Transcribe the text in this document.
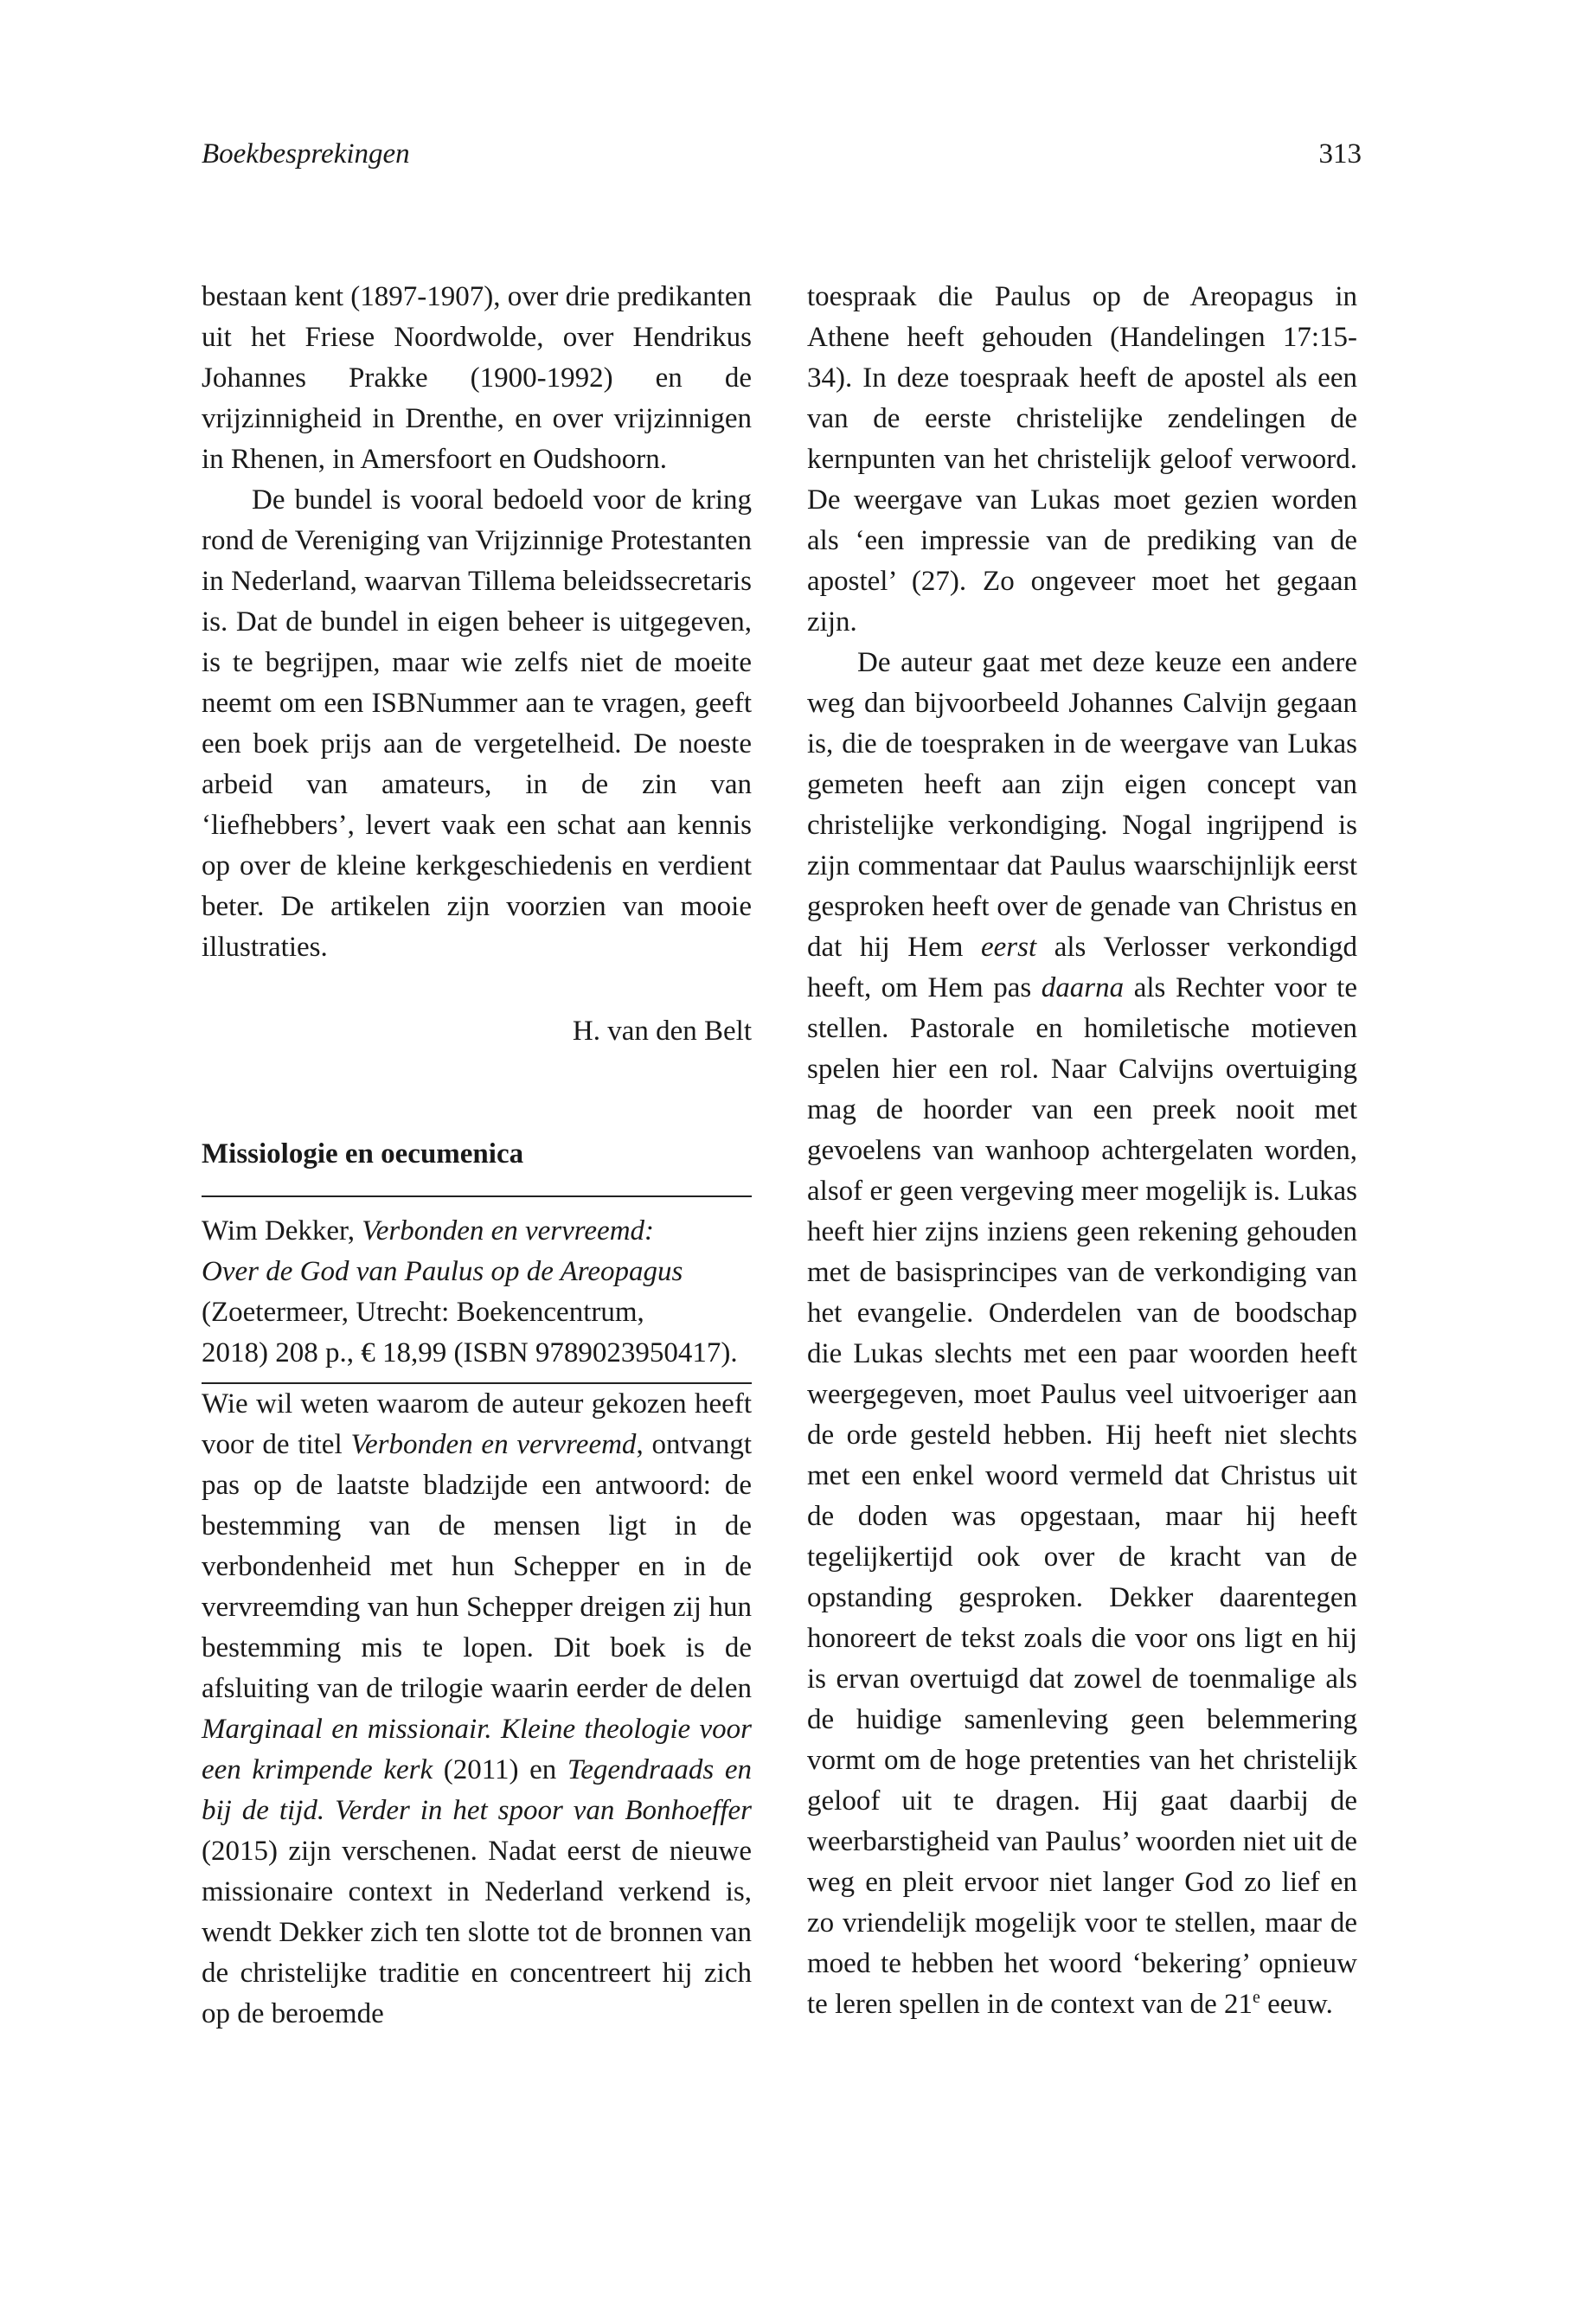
Boekbesprekingen	313

bestaan kent (1897-1907), over drie predikanten uit het Friese Noordwolde, over Hendrikus Johannes Prakke (1900-1992) en de vrijzinnigheid in Drenthe, en over vrijzinnigen in Rhenen, in Amersfoort en Oudshoorn.

De bundel is vooral bedoeld voor de kring rond de Vereniging van Vrijzinnige Protestanten in Nederland, waarvan Tillema beleidssecretaris is. Dat de bundel in eigen beheer is uitgegeven, is te begrijpen, maar wie zelfs niet de moeite neemt om een ISBNummer aan te vragen, geeft een boek prijs aan de vergetelheid. De noeste arbeid van amateurs, in de zin van ‘liefhebbers’, levert vaak een schat aan kennis op over de kleine kerkgeschiedenis en verdient beter. De artikelen zijn voorzien van mooie illustraties.

H. van den Belt
Missiologie en oecumenica
Wim Dekker, Verbonden en vervreemd:
Over de God van Paulus op de Areopagus
(Zoetermeer, Utrecht: Boekencentrum,
2018) 208 p., € 18,99 (ISBN 9789023950417).

Wie wil weten waarom de auteur gekozen heeft voor de titel Verbonden en vervreemd, ontvangt pas op de laatste bladzijde een antwoord: de bestemming van de mensen ligt in de verbondenheid met hun Schepper en in de vervreemding van hun Schepper dreigen zij hun bestemming mis te lopen. Dit boek is de afsluiting van de trilogie waarin eerder de delen Marginaal en missionair. Kleine theologie voor een krimpende kerk (2011) en Tegendraads en bij de tijd. Verder in het spoor van Bonhoeffer (2015) zijn verschenen. Nadat eerst de nieuwe missionaire context in Nederland verkend is, wendt Dekker zich ten slotte tot de bronnen van de christelijke traditie en concentreert hij zich op de beroemde

toespraak die Paulus op de Areopagus in Athene heeft gehouden (Handelingen 17:15-34). In deze toespraak heeft de apostel als een van de eerste christelijke zendelingen de kernpunten van het christelijk geloof verwoord. De weergave van Lukas moet gezien worden als ‘een impressie van de prediking van de apostel’ (27). Zo ongeveer moet het gegaan zijn.

De auteur gaat met deze keuze een andere weg dan bijvoorbeeld Johannes Calvijn gegaan is, die de toespraken in de weergave van Lukas gemeten heeft aan zijn eigen concept van christelijke verkondiging. Nogal ingrijpend is zijn commentaar dat Paulus waarschijnlijk eerst gesproken heeft over de genade van Christus en dat hij Hem eerst als Verlosser verkondigd heeft, om Hem pas daarna als Rechter voor te stellen. Pastorale en homiletische motieven spelen hier een rol. Naar Calvijns overtuiging mag de hoorder van een preek nooit met gevoelens van wanhoop achtergelaten worden, alsof er geen vergeving meer mogelijk is. Lukas heeft hier zijns inziens geen rekening gehouden met de basisprincipes van de verkondiging van het evangelie. Onderdelen van de boodschap die Lukas slechts met een paar woorden heeft weergegeven, moet Paulus veel uitvoeriger aan de orde gesteld hebben. Hij heeft niet slechts met een enkel woord vermeld dat Christus uit de doden was opgestaan, maar hij heeft tegelijkertijd ook over de kracht van de opstanding gesproken. Dekker daarentegen honoreert de tekst zoals die voor ons ligt en hij is ervan overtuigd dat zowel de toenmalige als de huidige samenleving geen belemmering vormt om de hoge pretenties van het christelijk geloof uit te dragen. Hij gaat daarbij de weerbarstigheid van Paulus’ woorden niet uit de weg en pleit ervoor niet langer God zo lief en zo vriendelijk mogelijk voor te stellen, maar de moed te hebben het woord ‘bekering’ opnieuw te leren spellen in de context van de 21e eeuw.
